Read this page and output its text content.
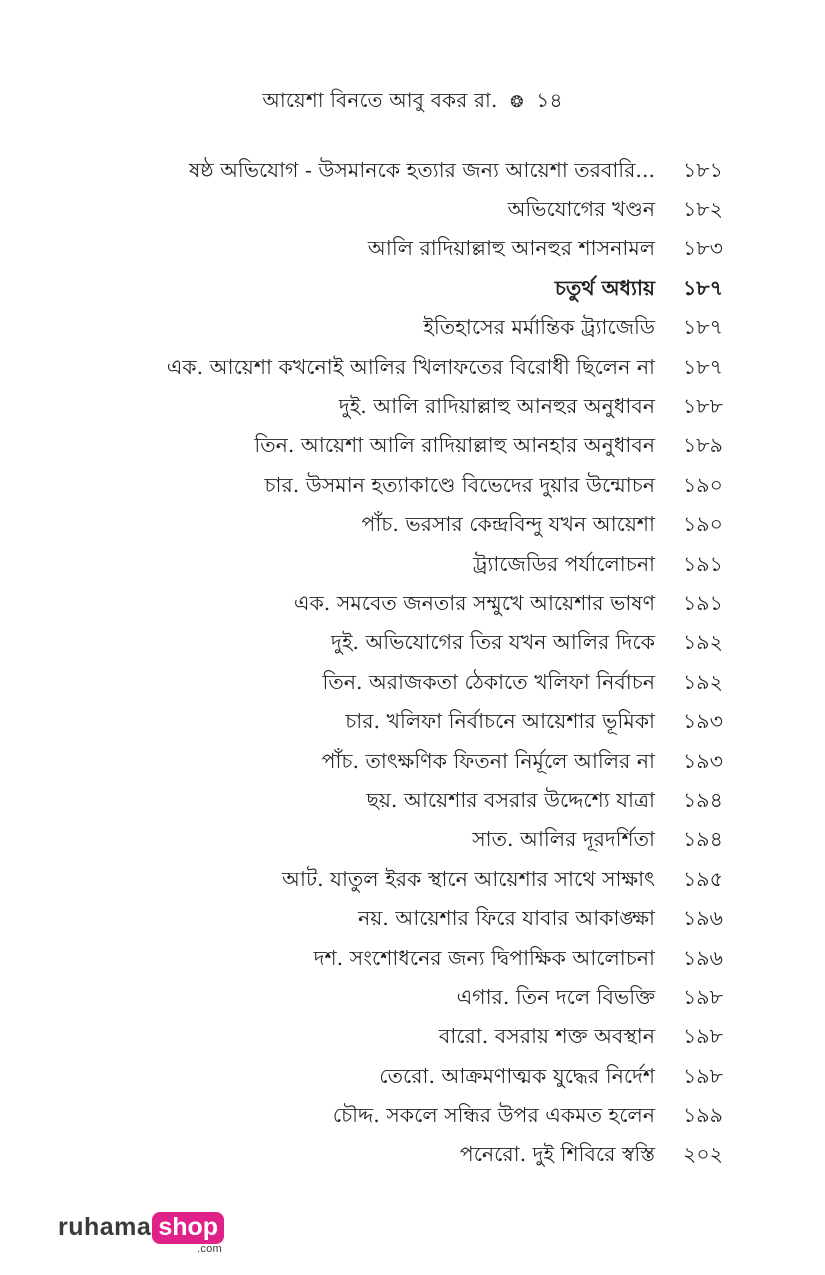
আয়েশা বিনতে আবু বকর রা. ❂ ১৪
ষষ্ঠ অভিযোগ - উসমানকে হত্যার জন্য আয়েশা তরবারি... ১৮১
অভিযোগের খণ্ডন ১৮২
আলি রাদিয়াল্লাহু আনহুর শাসনামল ১৮৩
চতুর্থ অধ্যায় ১৮৭
ইতিহাসের মর্মান্তিক ট্র্যাজেডি ১৮৭
এক. আয়েশা কখনোই আলির খিলাফতের বিরোধী ছিলেন না ১৮৭
দুই. আলি রাদিয়াল্লাহু আনহুর অনুধাবন ১৮৮
তিন. আয়েশা আলি রাদিয়াল্লাহু আনহার অনুধাবন ১৮৯
চার. উসমান হত্যাকাণ্ডে বিভেদের দুয়ার উন্মোচন ১৯০
পাঁচ. ভরসার কেন্দ্রবিন্দু যখন আয়েশা ১৯০
ট্র্যাজেডির পর্যালোচনা ১৯১
এক. সমবেত জনতার সম্মুখে আয়েশার ভাষণ ১৯১
দুই. অভিযোগের তির যখন আলির দিকে ১৯২
তিন. অরাজকতা ঠেকাতে খলিফা নির্বাচন ১৯২
চার. খলিফা নির্বাচনে আয়েশার ভূমিকা ১৯৩
পাঁচ. তাৎক্ষণিক ফিতনা নির্মূলে আলির না ১৯৩
ছয়. আয়েশার বসরার উদ্দেশ্যে যাত্রা ১৯৪
সাত. আলির দূরদর্শিতা ১৯৪
আট. যাতুল ইরক স্থানে আয়েশার সাথে সাক্ষাৎ ১৯৫
নয়. আয়েশার ফিরে যাবার আকাঙ্ক্ষা ১৯৬
দশ. সংশোধনের জন্য দ্বিপাক্ষিক আলোচনা ১৯৬
এগার. তিন দলে বিভক্তি ১৯৮
বারো. বসরায় শক্ত অবস্থান ১৯৮
তেরো. আক্রমণাত্মক যুদ্ধের নির্দেশ ১৯৮
চৌদ্দ. সকলে সন্ধির উপর একমত হলেন ১৯৯
পনেরো. দুই শিবিরে স্বস্তি ২০২
ruhama shop
.com
